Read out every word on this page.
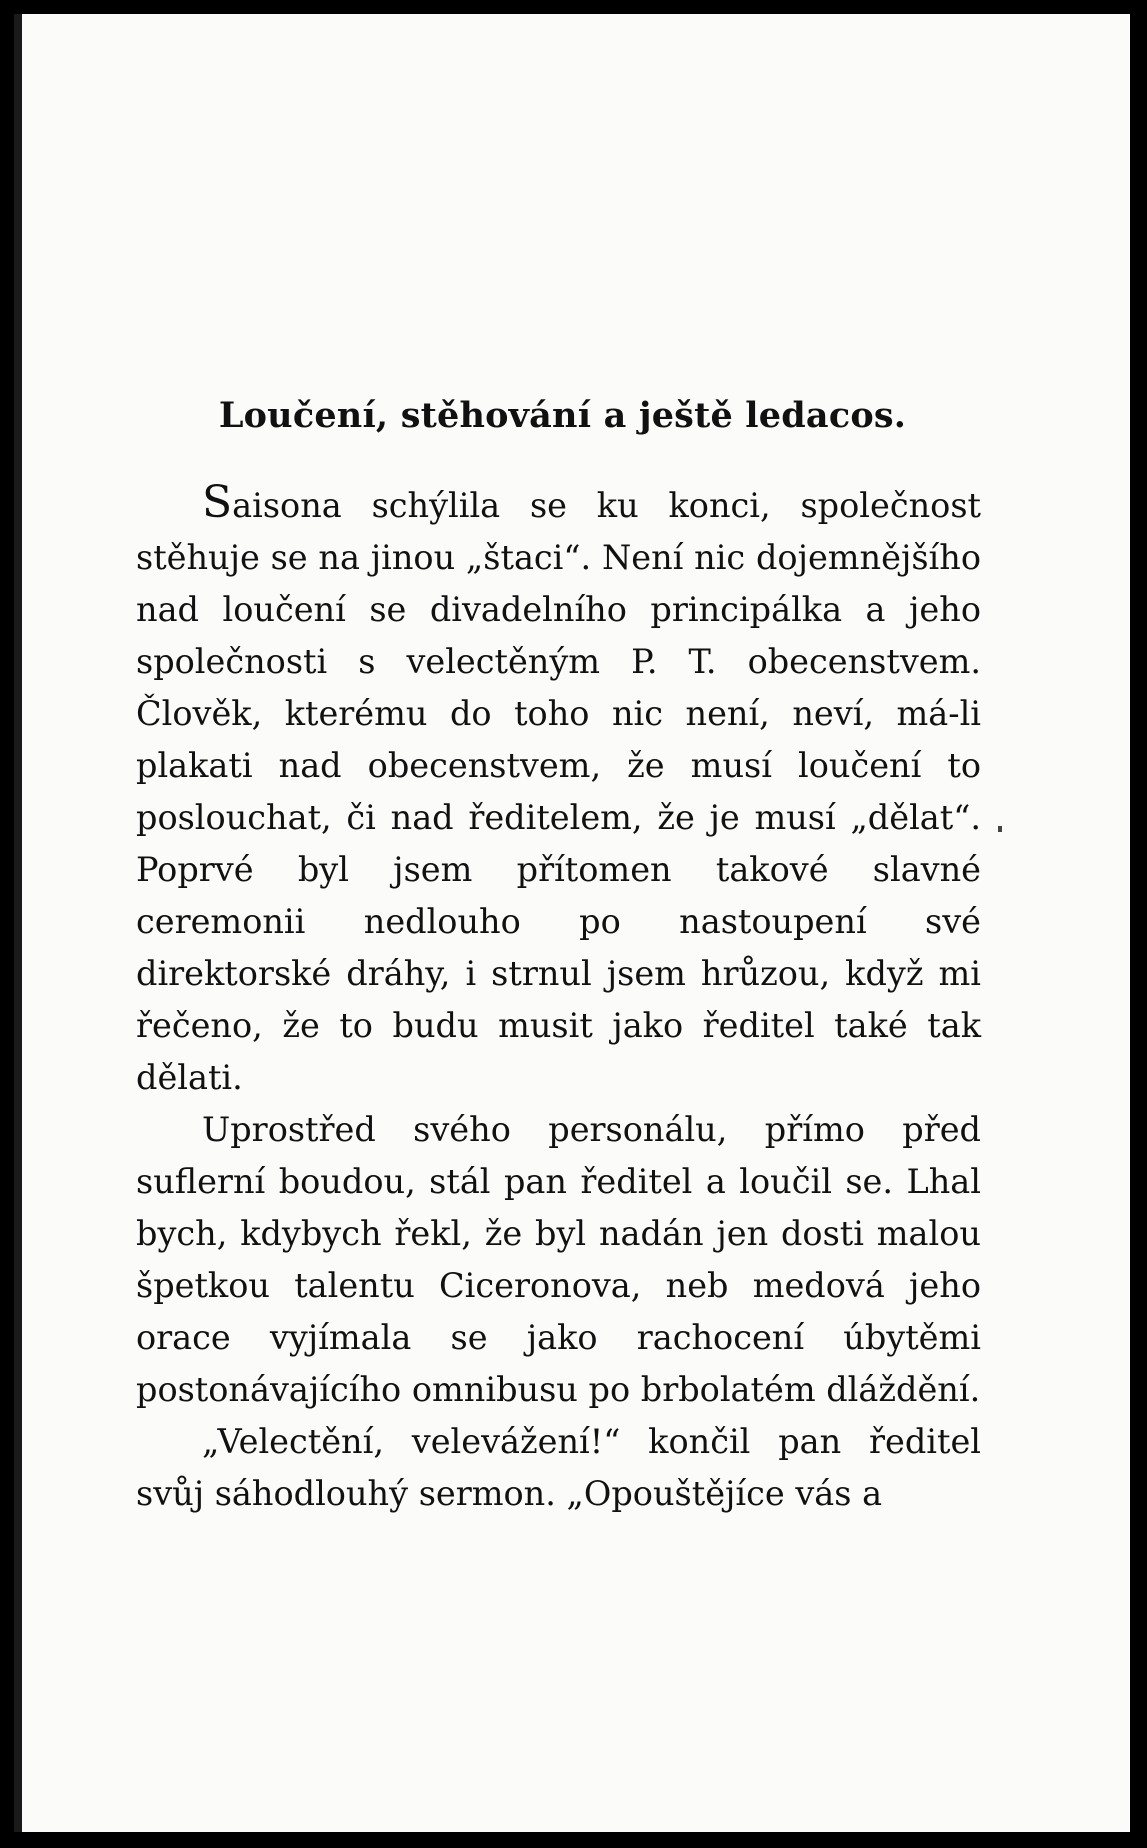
Loučení, stěhování a ještě ledacos.

Saisona schýlila se ku konci, společnost stěhuje se na jinou „štaci“. Není nic dojemnějšího nad loučení se divadelního principálka a jeho společnosti s velectěným P. T. obecenstvem. Člověk, kterému do toho nic není, neví, má-li plakati nad obecenstvem, že musí loučení to poslouchat, či nad ředitelem, že je musí „dělat“. Poprvé byl jsem přítomen takové slavné ceremonii nedlouho po nastoupení své direktorské dráhy, i strnul jsem hrůzou, když mi řečeno, že to budu musit jako ředitel také tak dělati.

Uprostřed svého personálu, přímo před suflerní boudou, stál pan ředitel a loučil se. Lhal bych, kdybych řekl, že byl nadán jen dosti malou špetkou talentu Ciceronova, neb medová jeho orace vyjímala se jako rachocení úbytěmi postonávajícího omnibusu po brbolatém dláždění.

„Velectění, velevážení!“ končil pan ředitel svůj sáhodlouhý sermon. „Opouštějíce vás a
